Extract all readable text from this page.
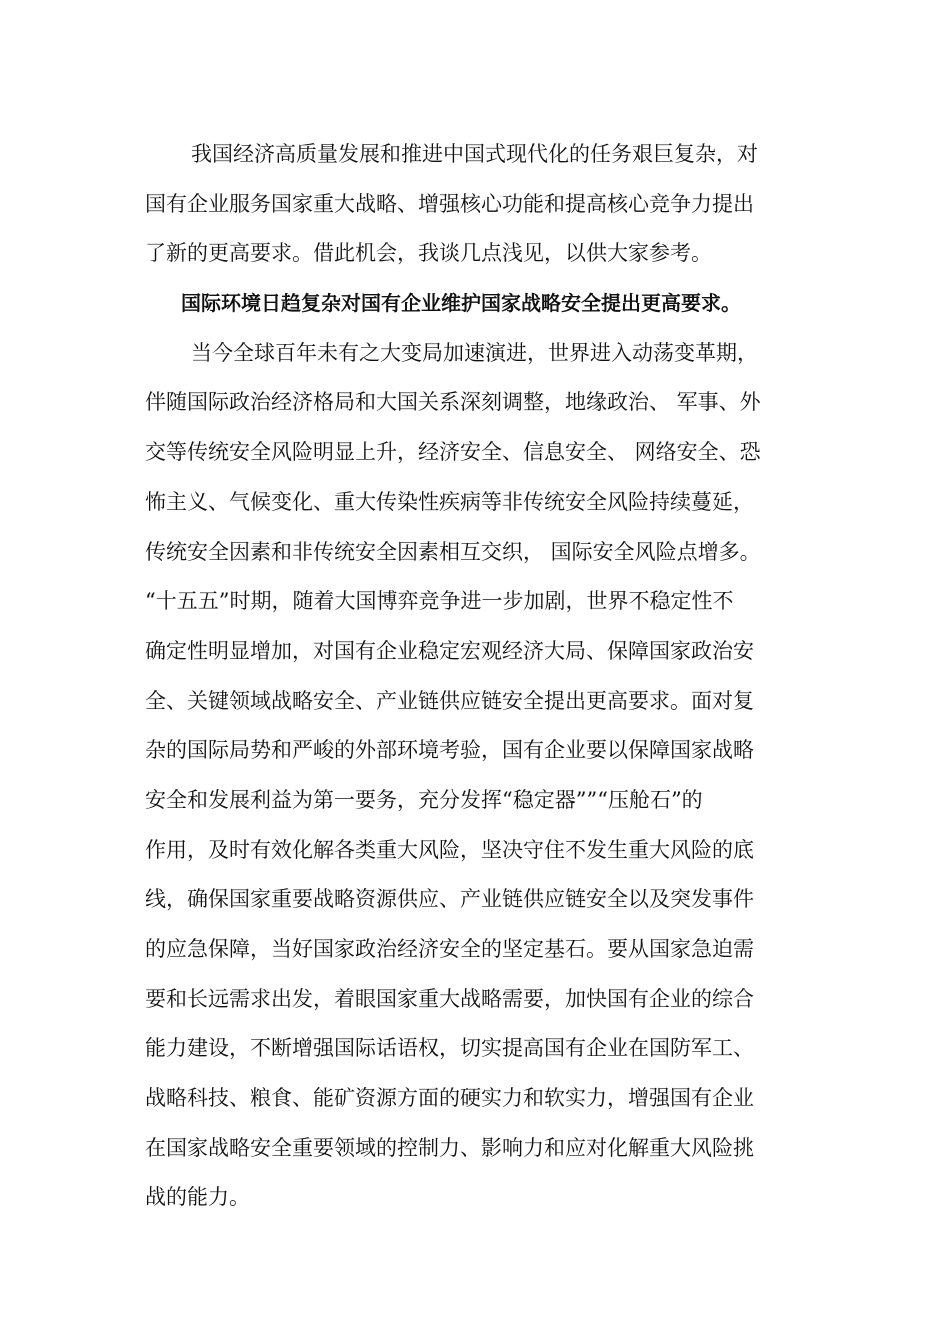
我国经济高质量发展和推进中国式现代化的任务艰巨复杂，对
国有企业服务国家重大战略、增强核心功能和提高核心竞争力提出
了新的更高要求。借此机会，我谈几点浅见，以供大家参考。
国际环境日趋复杂对国有企业维护国家战略安全提出更高要求。
当今全球百年未有之大变局加速演进，世界进入动荡变革期，
伴随国际政治经济格局和大国关系深刻调整，地缘政治、 军事、外
交等传统安全风险明显上升，经济安全、信息安全、 网络安全、恐
怖主义、气候变化、重大传染性疾病等非传统安全风险持续蔓延，
传统安全因素和非传统安全因素相互交织， 国际安全风险点增多。
“十五五”时期，随着大国博弈竞争进一步加剧，世界不稳定性不
确定性明显增加，对国有企业稳定宏观经济大局、保障国家政治安
全、关键领域战略安全、产业链供应链安全提出更高要求。面对复
杂的国际局势和严峻的外部环境考验，国有企业要以保障国家战略
安全和发展利益为第一要务，充分发挥“稳定器””“压舱石”的
作用，及时有效化解各类重大风险，坚决守住不发生重大风险的底
线，确保国家重要战略资源供应、产业链供应链安全以及突发事件
的应急保障，当好国家政治经济安全的坚定基石。要从国家急迫需
要和长远需求出发，着眼国家重大战略需要，加快国有企业的综合
能力建设，不断增强国际话语权，切实提高国有企业在国防军工、
战略科技、粮食、能矿资源方面的硬实力和软实力，增强国有企业
在国家战略安全重要领域的控制力、影响力和应对化解重大风险挑
战的能力。
